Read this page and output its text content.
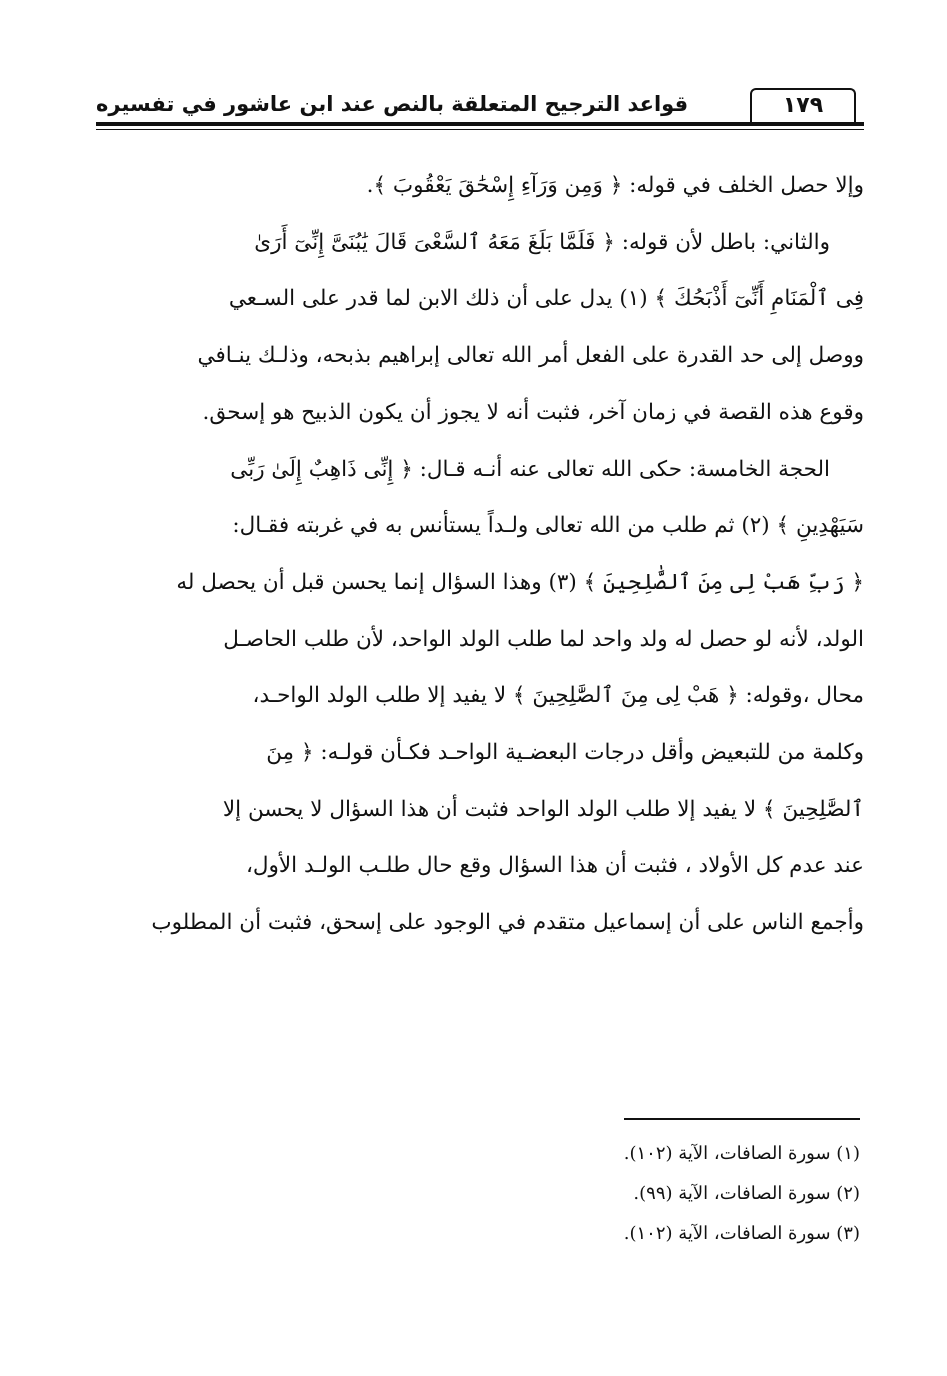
قواعد الترجيح المتعلقة بالنص عند ابن عاشور في تفسيره	١٧٩
وإلا حصل الخلف في قوله: ﴿ وَمِن وَرَآءِ إِسْحَٰقَ يَعْقُوبَ ﴾.
والثاني: باطل لأن قوله: ﴿ فَلَمَّا بَلَغَ مَعَهُ ٱلسَّعْىَ قَالَ يَٰبُنَىَّ إِنِّىٓ أَرَىٰ
فِى ٱلْمَنَامِ أَنِّىٓ أَذْبَحُكَ ﴾ (١) يدل على أن ذلك الابن لما قدر على السـعي
ووصل إلى حد القدرة على الفعل أمر الله تعالى إبراهيم بذبحه، وذلـك ينـافي
وقوع هذه القصة في زمان آخر، فثبت أنه لا يجوز أن يكون الذبيح هو إسحق.
الحجة الخامسة: حكى الله تعالى عنه أنـه قـال: ﴿ إِنِّى ذَاهِبٌ إِلَىٰ رَبِّى
سَيَهْدِينِ ﴾ (٢) ثم طلب من الله تعالى ولـداً يستأنس به في غربته فقـال:
﴿ رَبِّ هَبْ لِى مِنَ ٱلصَّٰلِحِينَ ﴾ (٣) وهذا السؤال إنما يحسن قبل أن يحصل له
الولد، لأنه لو حصل له ولد واحد لما طلب الولد الواحد، لأن طلب الحاصـل
محال ،وقوله: ﴿ هَبْ لِى مِنَ ٱلصَّٰلِحِينَ ﴾ لا يفيد إلا طلب الولد الواحـد،
وكلمة من للتبعيض وأقل درجات البعضـية الواحـد فكـأن قولـه: ﴿ مِنَ
ٱلصَّٰلِحِينَ ﴾ لا يفيد إلا طلب الولد الواحد فثبت أن هذا السؤال لا يحسن إلا
عند عدم كل الأولاد ، فثبت أن هذا السؤال وقع حال طلـب الولـد الأول،
وأجمع الناس على أن إسماعيل متقدم في الوجود على إسحق، فثبت أن المطلوب
(١) سورة الصافات، الآية (١٠٢).
(٢) سورة الصافات، الآية (٩٩).
(٣) سورة الصافات، الآية (١٠٢).
